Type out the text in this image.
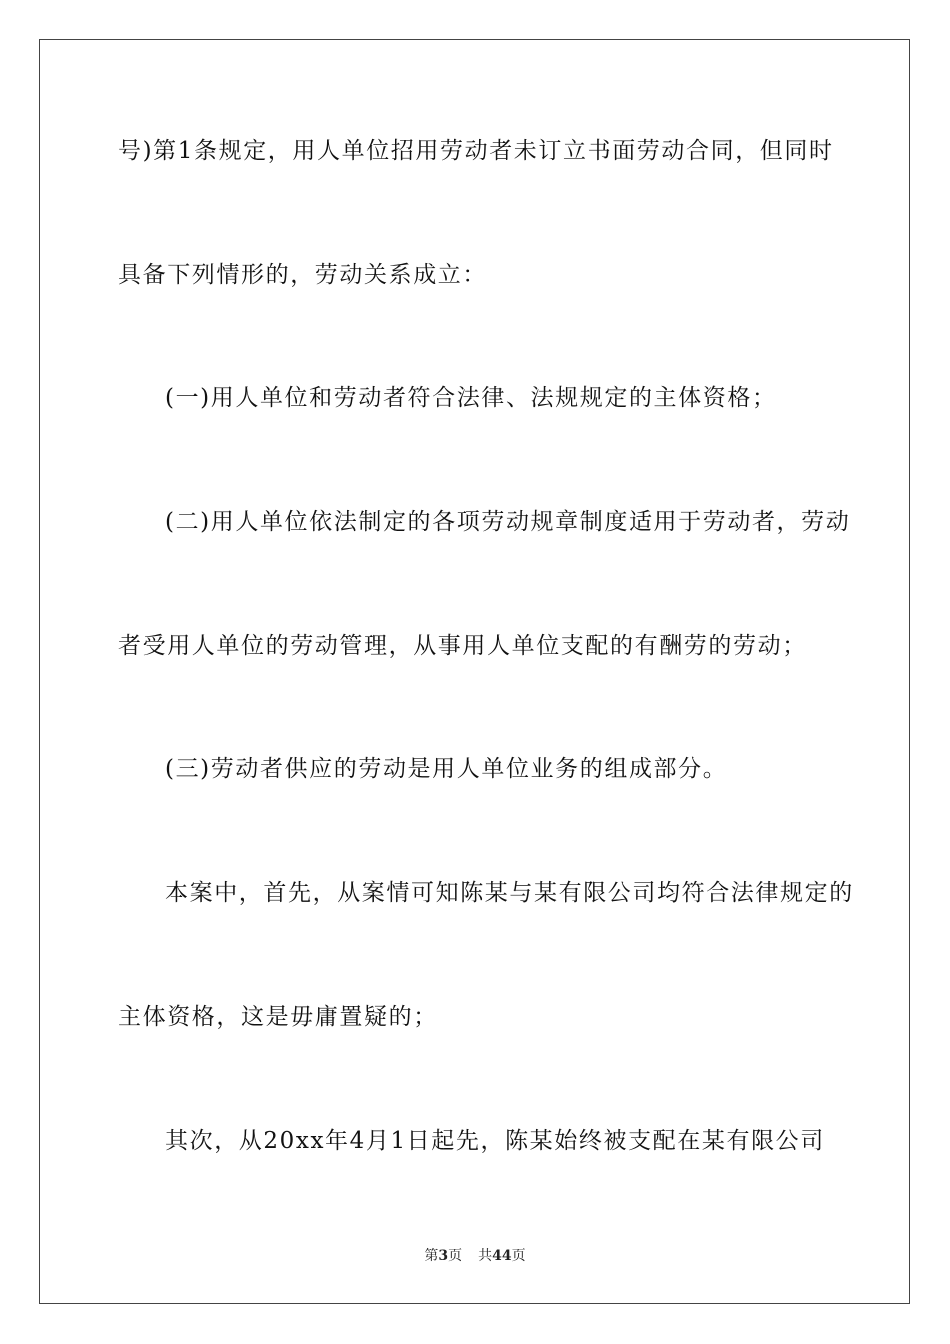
号)第1条规定，用人单位招用劳动者未订立书面劳动合同，但同时
具备下列情形的，劳动关系成立：
(一)用人单位和劳动者符合法律、法规规定的主体资格；
(二)用人单位依法制定的各项劳动规章制度适用于劳动者，劳动
者受用人单位的劳动管理，从事用人单位支配的有酬劳的劳动；
(三)劳动者供应的劳动是用人单位业务的组成部分。
本案中，首先，从案情可知陈某与某有限公司均符合法律规定的
主体资格，这是毋庸置疑的；
其次，从20xx年4月1日起先，陈某始终被支配在某有限公司
第3页 共44页
